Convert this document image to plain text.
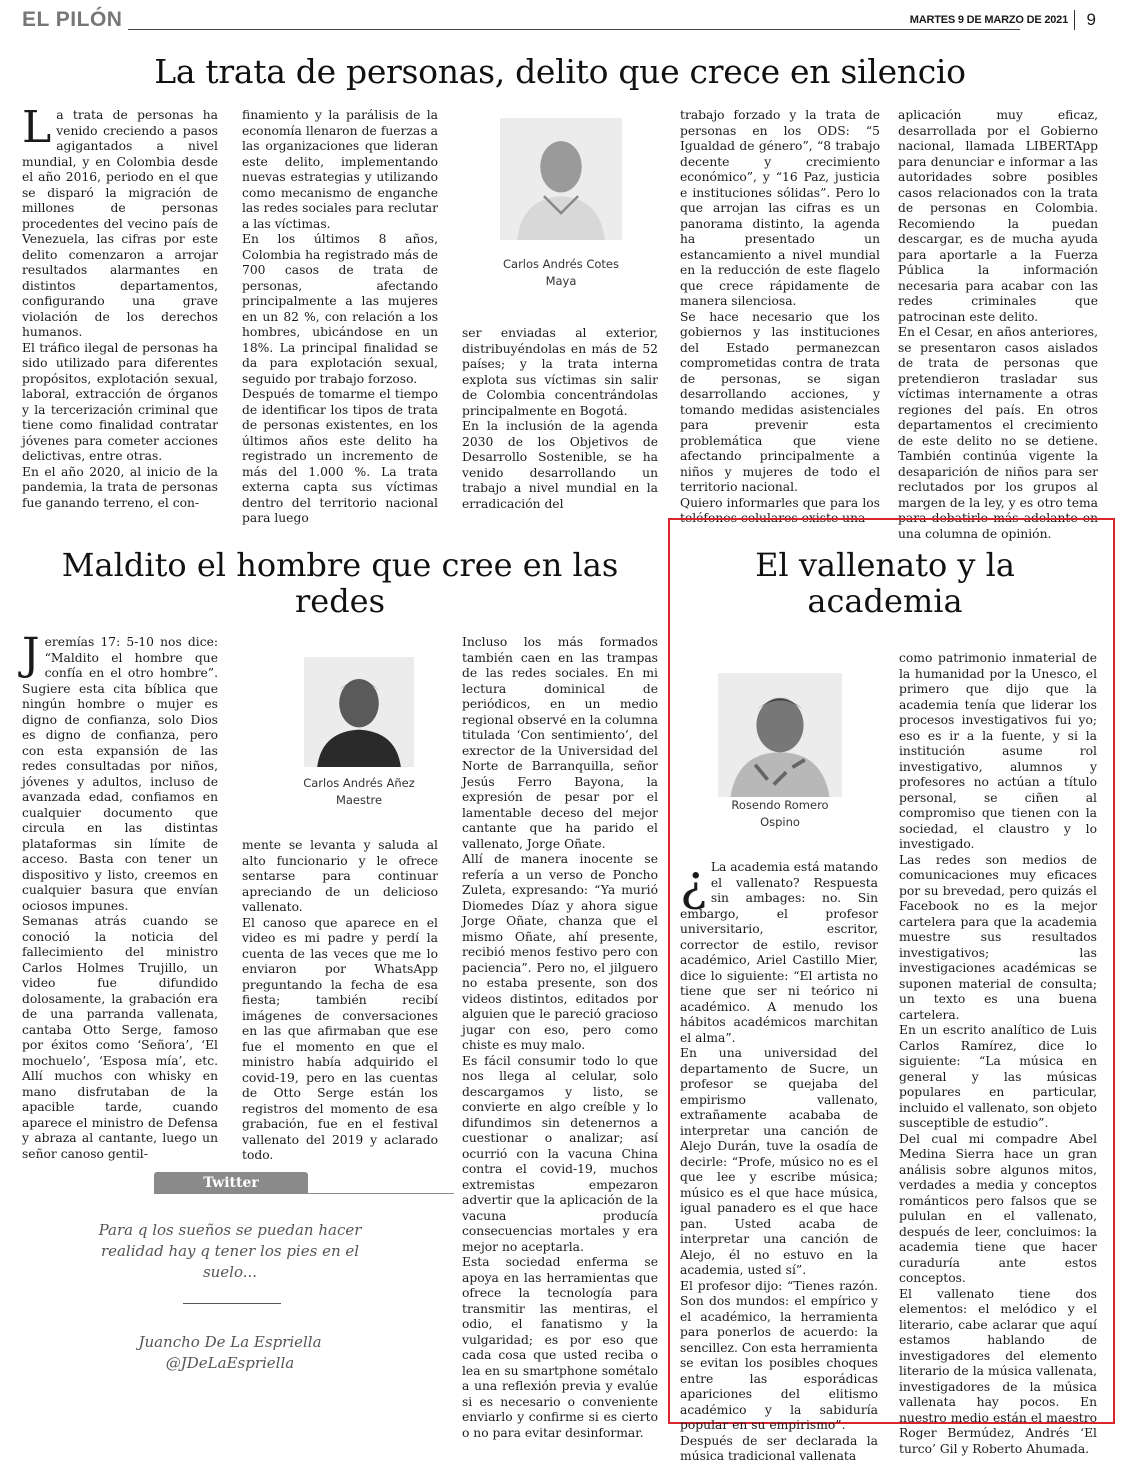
EL PILÓN	MARTES 9 DE MARZO DE 2021 9
La trata de personas, delito que crece en silencio

La trata de personas ha venido creciendo a pasos agigantados a nivel mundial, y en Colombia desde el año 2016, periodo en el que se disparó la migración de millones de personas procedentes del vecino país de Venezuela, las cifras por este delito comenzaron a arrojar resultados alarmantes en distintos departamentos, configurando una grave violación de los derechos humanos.

El tráfico ilegal de personas ha sido utilizado para diferentes propósitos, explotación sexual, laboral, extracción de órganos y la tercerización criminal que tiene como finalidad contratar jóvenes para cometer acciones delictivas, entre otras.

En el año 2020, al inicio de la pandemia, la trata de personas fue ganando terreno, el con-

finamiento y la parálisis de la economía llenaron de fuerzas a las organizaciones que lideran este delito, implementando nuevas estrategias y utilizando como mecanismo de enganche las redes sociales para reclutar a las víctimas.

En los últimos 8 años, Colombia ha registrado más de 700 casos de trata de personas, afectando principalmente a las mujeres en un 82 %, con relación a los hombres, ubicándose en un 18%. La principal finalidad se da para explotación sexual, seguido por trabajo forzoso.

Después de tomarme el tiempo de identificar los tipos de trata de personas existentes, en los últimos años este delito ha registrado un incremento de más del 1.000 %. La trata externa capta sus víctimas dentro del territorio nacional para luego

Carlos Andrés Cotes
Maya

ser enviadas al exterior, distribuyéndolas en más de 52 países; y la trata interna explota sus víctimas sin salir de Colombia concentrándolas principalmente en Bogotá.

En la inclusión de la agenda 2030 de los Objetivos de Desarrollo Sostenible, se ha venido desarrollando un trabajo a nivel mundial en la erradicación del

trabajo forzado y la trata de personas en los ODS: “5 Igualdad de género”, “8 trabajo decente y crecimiento económico”, y “16 Paz, justicia e instituciones sólidas”. Pero lo que arrojan las cifras es un panorama distinto, la agenda ha presentado un estancamiento a nivel mundial en la reducción de este flagelo que crece rápidamente de manera silenciosa.

Se hace necesario que los gobiernos y las instituciones del Estado permanezcan comprometidas contra de trata de personas, se sigan desarrollando acciones, y tomando medidas asistenciales para prevenir esta problemática que viene afectando principalmente a niños y mujeres de todo el territorio nacional.

Quiero informarles que para los teléfonos celulares existe una

aplicación muy eficaz, desarrollada por el Gobierno nacional, llamada LIBERTApp para denunciar e informar a las autoridades sobre posibles casos relacionados con la trata de personas en Colombia. Recomiendo la puedan descargar, es de mucha ayuda para aportarle a la Fuerza Pública la información necesaria para acabar con las redes criminales que patrocinan este delito.

En el Cesar, en años anteriores, se presentaron casos aislados de trata de personas que pretendieron trasladar sus víctimas internamente a otras regiones del país. En otros departamentos el crecimiento de este delito no se detiene. También continúa vigente la desaparición de niños para ser reclutados por los grupos al margen de la ley, y es otro tema para debatirlo más adelante en una columna de opinión.

Maldito el hombre que cree en las redes

Jeremías 17: 5-10 nos dice: “Maldito el hombre que confía en el otro hombre”. Sugiere esta cita bíblica que ningún hombre o mujer es digno de confianza, solo Dios es digno de confianza, pero con esta expansión de las redes consultadas por niños, jóvenes y adultos, incluso de avanzada edad, confiamos en cualquier documento que circula en las distintas plataformas sin límite de acceso. Basta con tener un dispositivo y listo, creemos en cualquier basura que envían ociosos impunes.

Semanas atrás cuando se conoció la noticia del fallecimiento del ministro Carlos Holmes Trujillo, un video fue difundido dolosamente, la grabación era de una parranda vallenata, cantaba Otto Serge, famoso por éxitos como ‘Señora’, ‘El mochuelo’, ‘Esposa mía’, etc. Allí muchos con whisky en mano disfrutaban de la apacible tarde, cuando aparece el ministro de Defensa y abraza al cantante, luego un señor canoso gentil-

Carlos Andrés Añez
Maestre

mente se levanta y saluda al alto funcionario y le ofrece sentarse para continuar apreciando de un delicioso vallenato.

El canoso que aparece en el video es mi padre y perdí la cuenta de las veces que me lo enviaron por WhatsApp preguntando la fecha de esa fiesta; también recibí imágenes de conversaciones en las que afirmaban que ese fue el momento en que el ministro había adquirido el covid-19, pero en las cuentas de Otto Serge están los registros del momento de esa grabación, fue en el festival vallenato del 2019 y aclarado todo.

Incluso los más formados también caen en las trampas de las redes sociales. En mi lectura dominical de periódicos, en un medio regional observé en la columna titulada ‘Con sentimiento’, del exrector de la Universidad del Norte de Barranquilla, señor Jesús Ferro Bayona, la expresión de pesar por el lamentable deceso del mejor cantante que ha parido el vallenato, Jorge Oñate.

Allí de manera inocente se refería a un verso de Poncho Zuleta, expresando: “Ya murió Diomedes Díaz y ahora sigue Jorge Oñate, chanza que el mismo Oñate, ahí presente, recibió menos festivo pero con paciencia”. Pero no, el jilguero no estaba presente, son dos videos distintos, editados por alguien que le pareció gracioso jugar con eso, pero como chiste es muy malo.

Es fácil consumir todo lo que nos llega al celular, solo descargamos y listo, se convierte en algo creíble y lo difundimos sin detenernos a cuestionar o analizar; así ocurrió con la vacuna China contra el covid-19, muchos extremistas empezaron advertir que la aplicación de la vacuna producía consecuencias mortales y era mejor no aceptarla.

Esta sociedad enferma se apoya en las herramientas que ofrece la tecnología para transmitir las mentiras, el odio, el fanatismo y la vulgaridad; es por eso que cada cosa que usted reciba o lea en su smartphone sométalo a una reflexión previa y evalúe si es necesario o conveniente enviarlo y confirme si es cierto o no para evitar desinformar.

Twitter
Para q los sueños se puedan hacer realidad hay q tener los pies en el suelo...
Juancho De La Espriella
@JDeLaEspriella
El vallenato y la academia
Rosendo Romero
Ospino

¿ La academia está matando el vallenato? Respuesta sin ambages: no. Sin embargo, el profesor universitario, escritor, corrector de estilo, revisor académico, Ariel Castillo Mier, dice lo siguiente: “El artista no tiene que ser ni teórico ni académico. A menudo los hábitos académicos marchitan el alma”.

En una universidad del departamento de Sucre, un profesor se quejaba del empirismo vallenato, extrañamente acababa de interpretar una canción de Alejo Durán, tuve la osadía de decirle: “Profe, músico no es el que lee y escribe música; músico es el que hace música, igual panadero es el que hace pan. Usted acaba de interpretar una canción de Alejo, él no estuvo en la academia, usted sí”.

El profesor dijo: “Tienes razón. Son dos mundos: el empírico y el académico, la herramienta para ponerlos de acuerdo: la sencillez. Con esta herramienta se evitan los posibles choques entre las esporádicas apariciones del elitismo académico y la sabiduría popular en su empirismo”.

Después de ser declarada la música tradicional vallenata

como patrimonio inmaterial de la humanidad por la Unesco, el primero que dijo que la academia tenía que liderar los procesos investigativos fui yo; eso es ir a la fuente, y si la institución asume rol investigativo, alumnos y profesores no actúan a título personal, se ciñen al compromiso que tienen con la sociedad, el claustro y lo investigado.

Las redes son medios de comunicaciones muy eficaces por su brevedad, pero quizás el Facebook no es la mejor cartelera para que la academia muestre sus resultados investigativos; las investigaciones académicas se suponen material de consulta; un texto es una buena cartelera.

En un escrito analítico de Luis Carlos Ramírez, dice lo siguiente: “La música en general y las músicas populares en particular, incluido el vallenato, son objeto susceptible de estudio”.

Del cual mi compadre Abel Medina Sierra hace un gran análisis sobre algunos mitos, verdades a media y conceptos románticos pero falsos que se pululan en el vallenato, después de leer, concluimos: la academia tiene que hacer curaduría ante estos conceptos.

El vallenato tiene dos elementos: el melódico y el literario, cabe aclarar que aquí estamos hablando de investigadores del elemento literario de la música vallenata, investigadores de la música vallenata hay pocos. En nuestro medio están el maestro Roger Bermúdez, Andrés ‘El turco’ Gil y Roberto Ahumada.
